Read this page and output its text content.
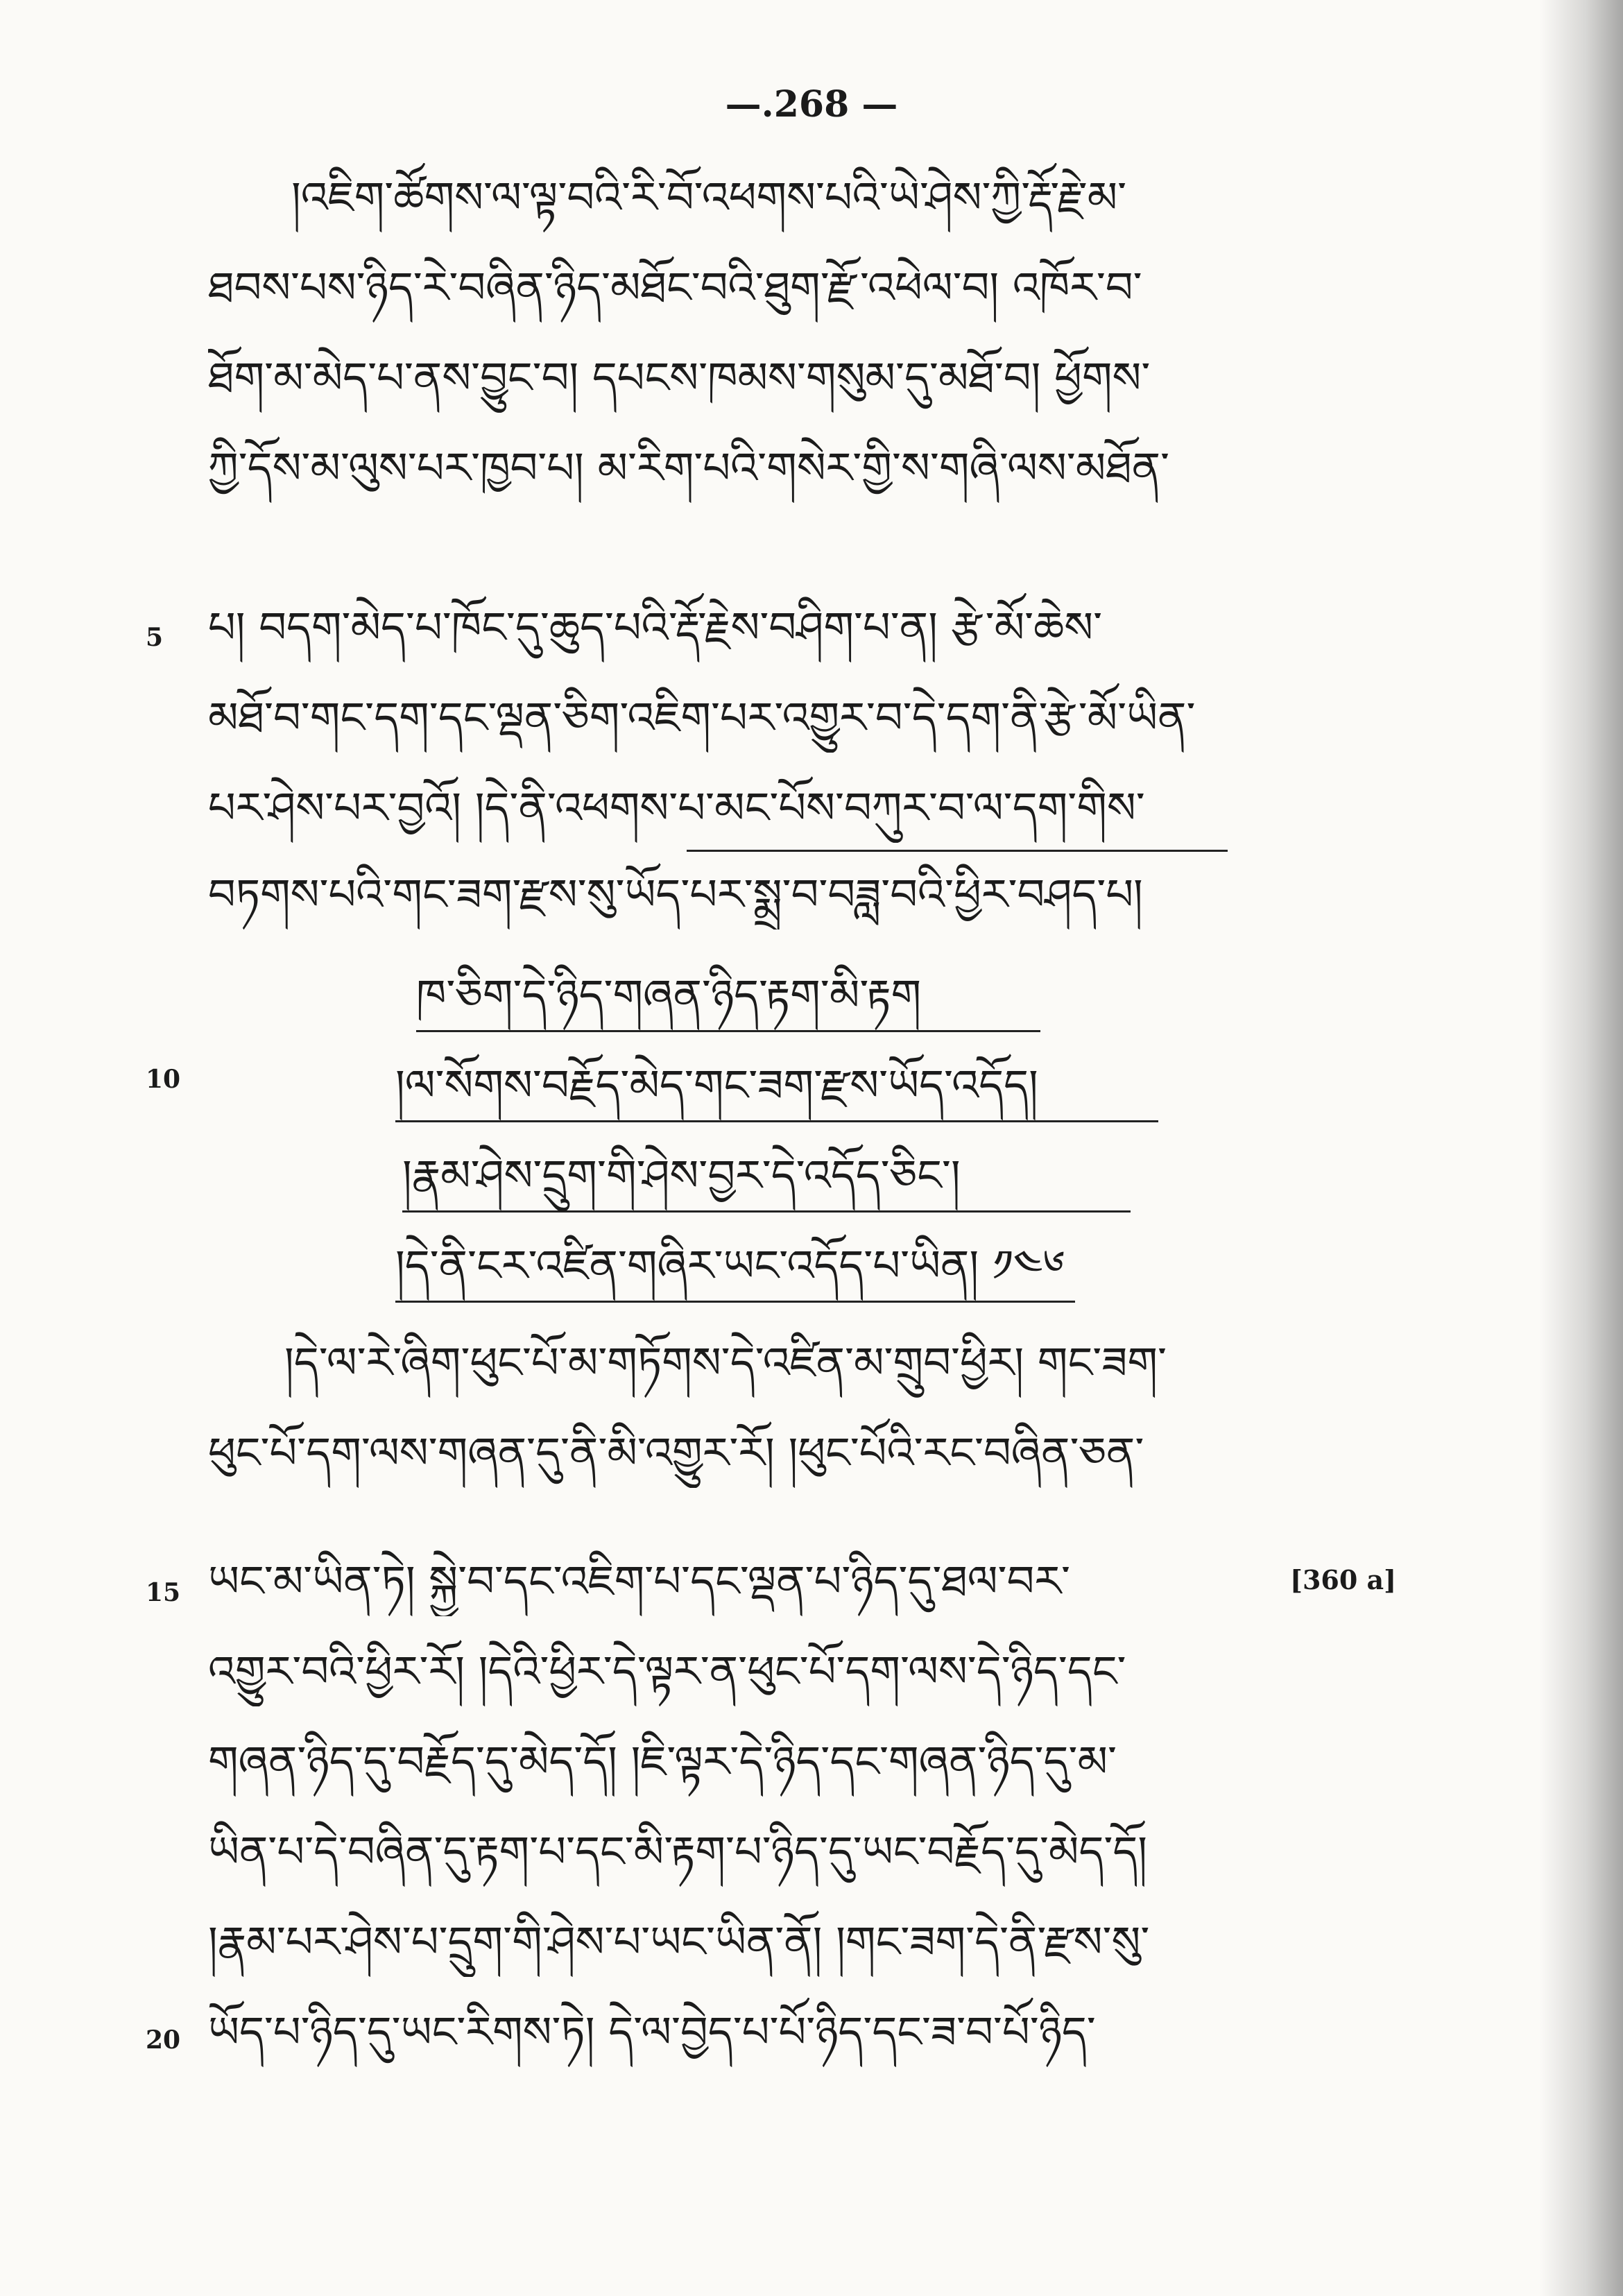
—.268 —
5
།འཇིག་ཚོགས་ལ་ལྟ་བའི་རི་བོ་འཕགས་པའི་ཡེ་ཤེས་ཀྱི་རྡོ་རྗེ་མ་
ཐབས་པས་ཉིད་རེ་བཞིན་ཉིད་མཐོང་བའི་ཐུག་རྫོ་འཕེལ་བ། འཁོར་བ་
ཐོག་མ་མེད་པ་ནས་བྱུང་བ། དཔངས་ཁམས་གསུམ་དུ་མཐོ་བ། ཕྱོགས་
ཀྱི་དོས་མ་ལུས་པར་ཁྱབ་པ། མ་རིག་པའི་གསེར་གྱི་ས་གཞི་ལས་མཐོན་
པ། བདག་མེད་པ་ཁོང་དུ་ཆུད་པའི་རྡོ་རྗེས་བཤིག་པ་ན། རྩེ་མོ་ཆེས་
མཐོ་བ་གང་དག་དང་ལྡན་ཅིག་འཇིག་པར་འགྱུར་བ་དེ་དག་ནི་རྩེ་མོ་ཡིན་
པར་ཤེས་པར་བྱའོ། །དེ་ནི་འཕགས་པ་མང་པོས་བཀུར་བ་ལ་དག་གིས་
བཏགས་པའི་གང་ཟག་རྫས་སུ་ཡོད་པར་སྨྲ་བ་བཟླ་བའི་ཕྱིར་བཤད་པ།
ཁ་ཅིག་དེ་ཉིད་གཞན་ཉིད་རྟག་མི་རྟག
10	།ལ་སོགས་བརྗོད་མེད་གང་ཟག་རྫས་ཡོད་འདོད།
།རྣམ་ཤེས་དྲུག་གི་ཤེས་བྱར་དེ་འདོད་ཅིང་།
།དེ་ནི་ངར་འཛིན་གཞིར་ཡང་འདོད་པ་ཡིན། ༡༤༦
།དེ་ལ་རེ་ཞིག་ཕུང་པོ་མ་གཏོགས་དེ་འཛིན་མ་གྲུབ་ཕྱིར། གང་ཟག་
ཕུང་པོ་དག་ལས་གཞན་དུ་ནི་མི་འགྱུར་རོ། །ཕུང་པོའི་རང་བཞིན་ཅན་
15 ཡང་མ་ཡིན་ཏེ། སྐྱེ་བ་དང་འཇིག་པ་དང་ལྡན་པ་ཉིད་དུ་ཐལ་བར་	[360 a]
འགྱུར་བའི་ཕྱིར་རོ། །དེའི་ཕྱིར་དེ་ལྟར་ན་ཕུང་པོ་དག་ལས་དེ་ཉིད་དང་
གཞན་ཉིད་དུ་བརྗོད་དུ་མེད་དོ། །ཇི་ལྟར་དེ་ཉིད་དང་གཞན་ཉིད་དུ་མ་
ཡིན་པ་དེ་བཞིན་དུ་རྟག་པ་དང་མི་རྟག་པ་ཉིད་དུ་ཡང་བརྗོད་དུ་མེད་དོ།
།རྣམ་པར་ཤེས་པ་དྲུག་གི་ཤེས་པ་ཡང་ཡིན་ནོ། །གང་ཟག་དེ་ནི་རྫས་སུ་
20 ཡོད་པ་ཉིད་དུ་ཡང་རིགས་ཏེ། དེ་ལ་བྱེད་པ་པོ་ཉིད་དང་ཟ་བ་པོ་ཉིད་
